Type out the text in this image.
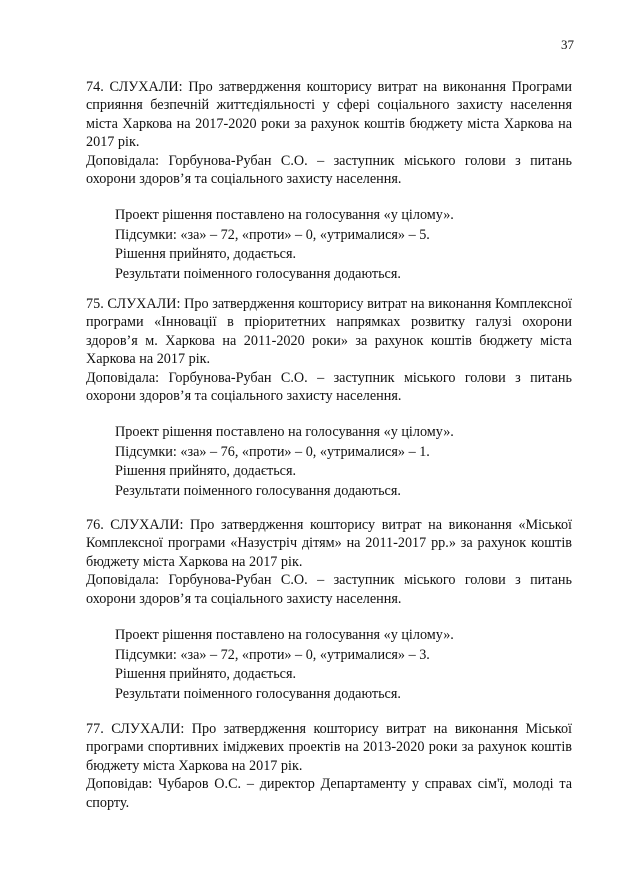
37

74. СЛУХАЛИ: Про затвердження кошторису витрат на виконання Програми сприяння безпечній життєдіяльності у сфері соціального захисту населення міста Харкова на 2017-2020 роки за рахунок коштів бюджету міста Харкова на 2017 рік.

Доповідала: Горбунова-Рубан С.О. – заступник міського голови з питань охорони здоров’я та соціального захисту населення.

Проект рішення поставлено на голосування «у цілому».

Підсумки: «за» – 72, «проти» – 0, «утрималися» – 5.

Рішення прийнято, додається.

Результати поіменного голосування додаються.

75. СЛУХАЛИ: Про затвердження кошторису витрат на виконання Комплексної програми «Інновації в пріоритетних напрямках розвитку галузі охорони здоров’я м. Харкова на 2011-2020 роки» за рахунок коштів бюджету міста Харкова на 2017 рік.

Доповідала: Горбунова-Рубан С.О. – заступник міського голови з питань охорони здоров’я та соціального захисту населення.

Проект рішення поставлено на голосування «у цілому».

Підсумки: «за» – 76, «проти» – 0, «утрималися» – 1.

Рішення прийнято, додається.

Результати поіменного голосування додаються.

76. СЛУХАЛИ: Про затвердження кошторису витрат на виконання «Міської Комплексної програми «Назустріч дітям» на 2011-2017 рр.» за рахунок коштів бюджету міста Харкова на 2017 рік.

Доповідала: Горбунова-Рубан С.О. – заступник міського голови з питань охорони здоров’я та соціального захисту населення.

Проект рішення поставлено на голосування «у цілому».

Підсумки: «за» – 72, «проти» – 0, «утрималися» – 3.

Рішення прийнято, додається.

Результати поіменного голосування додаються.

77. СЛУХАЛИ: Про затвердження кошторису витрат на виконання Міської програми спортивних іміджевих проектів на 2013-2020 роки за рахунок коштів бюджету міста Харкова на 2017 рік.

Доповідав: Чубаров О.С. – директор Департаменту у справах сім'ї, молоді та спорту.
